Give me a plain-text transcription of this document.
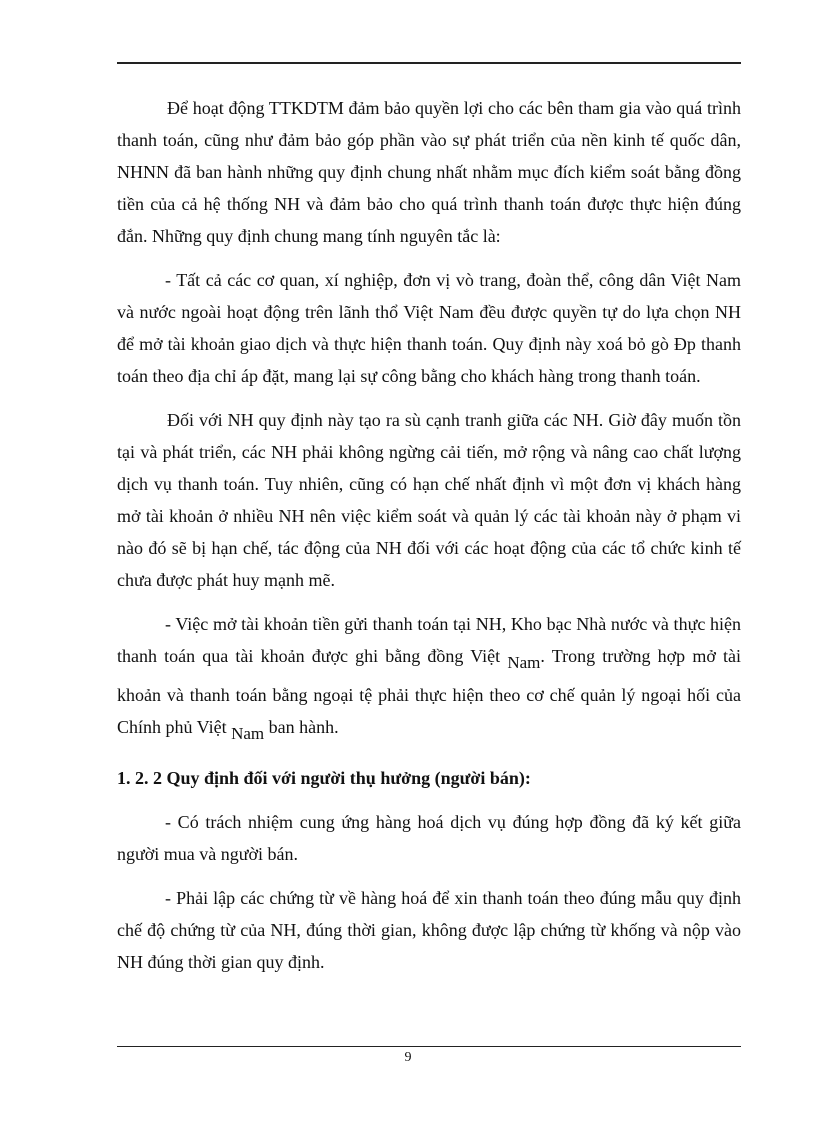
Để hoạt động TTKDTM đảm bảo quyền lợi cho các bên tham gia vào quá trình thanh toán, cũng như đảm bảo góp phần vào sự phát triển của nền kinh tế quốc dân, NHNN đã ban hành những quy định chung nhất nhằm mục đích kiểm soát bằng đồng tiền của cả hệ thống NH và đảm bảo cho quá trình thanh toán được thực hiện đúng đắn. Những quy định chung mang tính nguyên tắc là:

- Tất cả các cơ quan, xí nghiệp, đơn vị vò trang, đoàn thể, công dân Việt Nam và nước ngoài hoạt động trên lãnh thổ Việt Nam đều được quyền tự do lựa chọn NH để mở tài khoản giao dịch và thực hiện thanh toán. Quy định này xoá bỏ gò Ðp thanh toán theo địa chỉ áp đặt, mang lại sự công bằng cho khách hàng trong thanh toán.

Đối với NH quy định này tạo ra sù cạnh tranh giữa các NH. Giờ đây muốn tồn tại và phát triển, các NH phải không ngừng cải tiến, mở rộng và nâng cao chất lượng dịch vụ thanh toán. Tuy nhiên, cũng có hạn chế nhất định vì một đơn vị khách hàng mở tài khoản ở nhiều NH nên việc kiểm soát và quản lý các tài khoản này ở phạm vi nào đó sẽ bị hạn chế, tác động của NH đối với các hoạt động của các tổ chức kinh tế chưa được phát huy mạnh mẽ.

- Việc mở tài khoản tiền gửi thanh toán tại NH, Kho bạc Nhà nước và thực hiện thanh toán qua tài khoản được ghi bằng đồng Việt Nam. Trong trường hợp mở tài khoản và thanh toán bằng ngoại tệ phải thực hiện theo cơ chế quản lý ngoại hối của Chính phủ Việt Nam ban hành.

1. 2. 2 Quy định đối với người thụ hưởng (người bán):

- Có trách nhiệm cung ứng hàng hoá dịch vụ đúng hợp đồng đã ký kết giữa người mua và người bán.

- Phải lập các chứng từ về hàng hoá để xin thanh toán theo đúng mẫu quy định chế độ chứng từ của NH, đúng thời gian, không được lập chứng từ khống và nộp vào NH đúng thời gian quy định.

9
